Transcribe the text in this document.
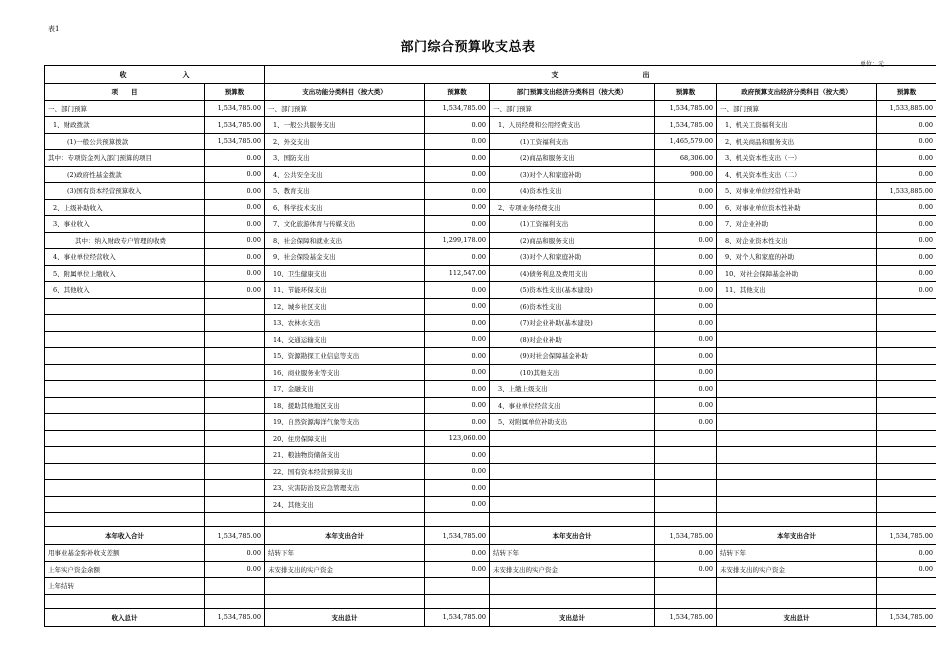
表1
部门综合预算收支总表
单位：元
收　　　　　　　　入		支　　　　　　　　　　　　出					
项　　目	预算数	支出功能分类科目（按大类）	预算数	部门预算支出经济分类科目（按大类）	预算数	政府预算支出经济分类科目（按大类）	预算数
一、部门预算	1,534,785.00	一、部门预算	1,534,785.00	一、部门预算	1,534,785.00	一、部门预算	1,533,885.00
1、财政拨款	1,534,785.00	1、一般公共服务支出	0.00	1、人员经费和公用经费支出	1,534,785.00	1、机关工资福利支出	0.00
(1)一般公共预算拨款	1,534,785.00	2、外交支出	0.00	(1)工资福利支出	1,465,579.00	2、机关商品和服务支出	0.00
其中：专项资金列入部门预算的项目	0.00	3、国防支出	0.00	(2)商品和服务支出	68,306.00	3、机关资本性支出（一）	0.00
(2)政府性基金拨款	0.00	4、公共安全支出	0.00	(3)对个人和家庭补助	900.00	4、机关资本性支出（二）	0.00
(3)国有资本经营预算收入	0.00	5、教育支出	0.00	(4)资本性支出	0.00	5、对事业单位经常性补助	1,533,885.00
2、上级补助收入	0.00	6、科学技术支出	0.00	2、专项业务经费支出	0.00	6、对事业单位资本性补助	0.00
3、事业收入	0.00	7、文化旅游体育与传媒支出	0.00	(1)工资福利支出	0.00	7、对企业补助	0.00
其中：纳入财政专户管理的收费	0.00	8、社会保障和就业支出	1,299,178.00	(2)商品和服务支出	0.00	8、对企业资本性支出	0.00
4、事业单位经营收入	0.00	9、社会保险基金支出	0.00	(3)对个人和家庭补助	0.00	9、对个人和家庭的补助	0.00
5、附属单位上缴收入	0.00	10、卫生健康支出	112,547.00	(4)债务利息及费用支出	0.00	10、对社会保障基金补助	0.00
6、其他收入	0.00	11、节能环保支出	0.00	(5)资本性支出(基本建设)	0.00	11、其他支出	0.00
		12、城乡社区支出	0.00	(6)资本性支出	0.00		
		13、农林水支出	0.00	(7)对企业补助(基本建设)	0.00		
		14、交通运输支出	0.00	(8)对企业补助	0.00		
		15、资源勘探工业信息等支出	0.00	(9)对社会保障基金补助	0.00		
		16、商业服务业等支出	0.00	(10)其他支出	0.00		
		17、金融支出	0.00	3、上缴上级支出	0.00		
		18、援助其他地区支出	0.00	4、事业单位经营支出	0.00		
		19、自然资源海洋气象等支出	0.00	5、对附属单位补助支出	0.00		
		20、住房保障支出	123,060.00				
		21、粮油物资储备支出	0.00				
		22、国有资本经营预算支出	0.00				
		23、灾害防治及应急管理支出	0.00				
		24、其他支出	0.00				

本年收入合计	1,534,785.00	本年支出合计	1,534,785.00	本年支出合计	1,534,785.00	本年支出合计	1,534,785.00
用事业基金弥补收支差额	0.00	结转下年	0.00	结转下年	0.00	结转下年	0.00
上年实户资金余额	0.00	未安排支出的实户资金	0.00	未安排支出的实户资金	0.00	未安排支出的实户资金	0.00
上年结转							

收入总计	1,534,785.00	支出总计	1,534,785.00	支出总计	1,534,785.00	支出总计	1,534,785.00
